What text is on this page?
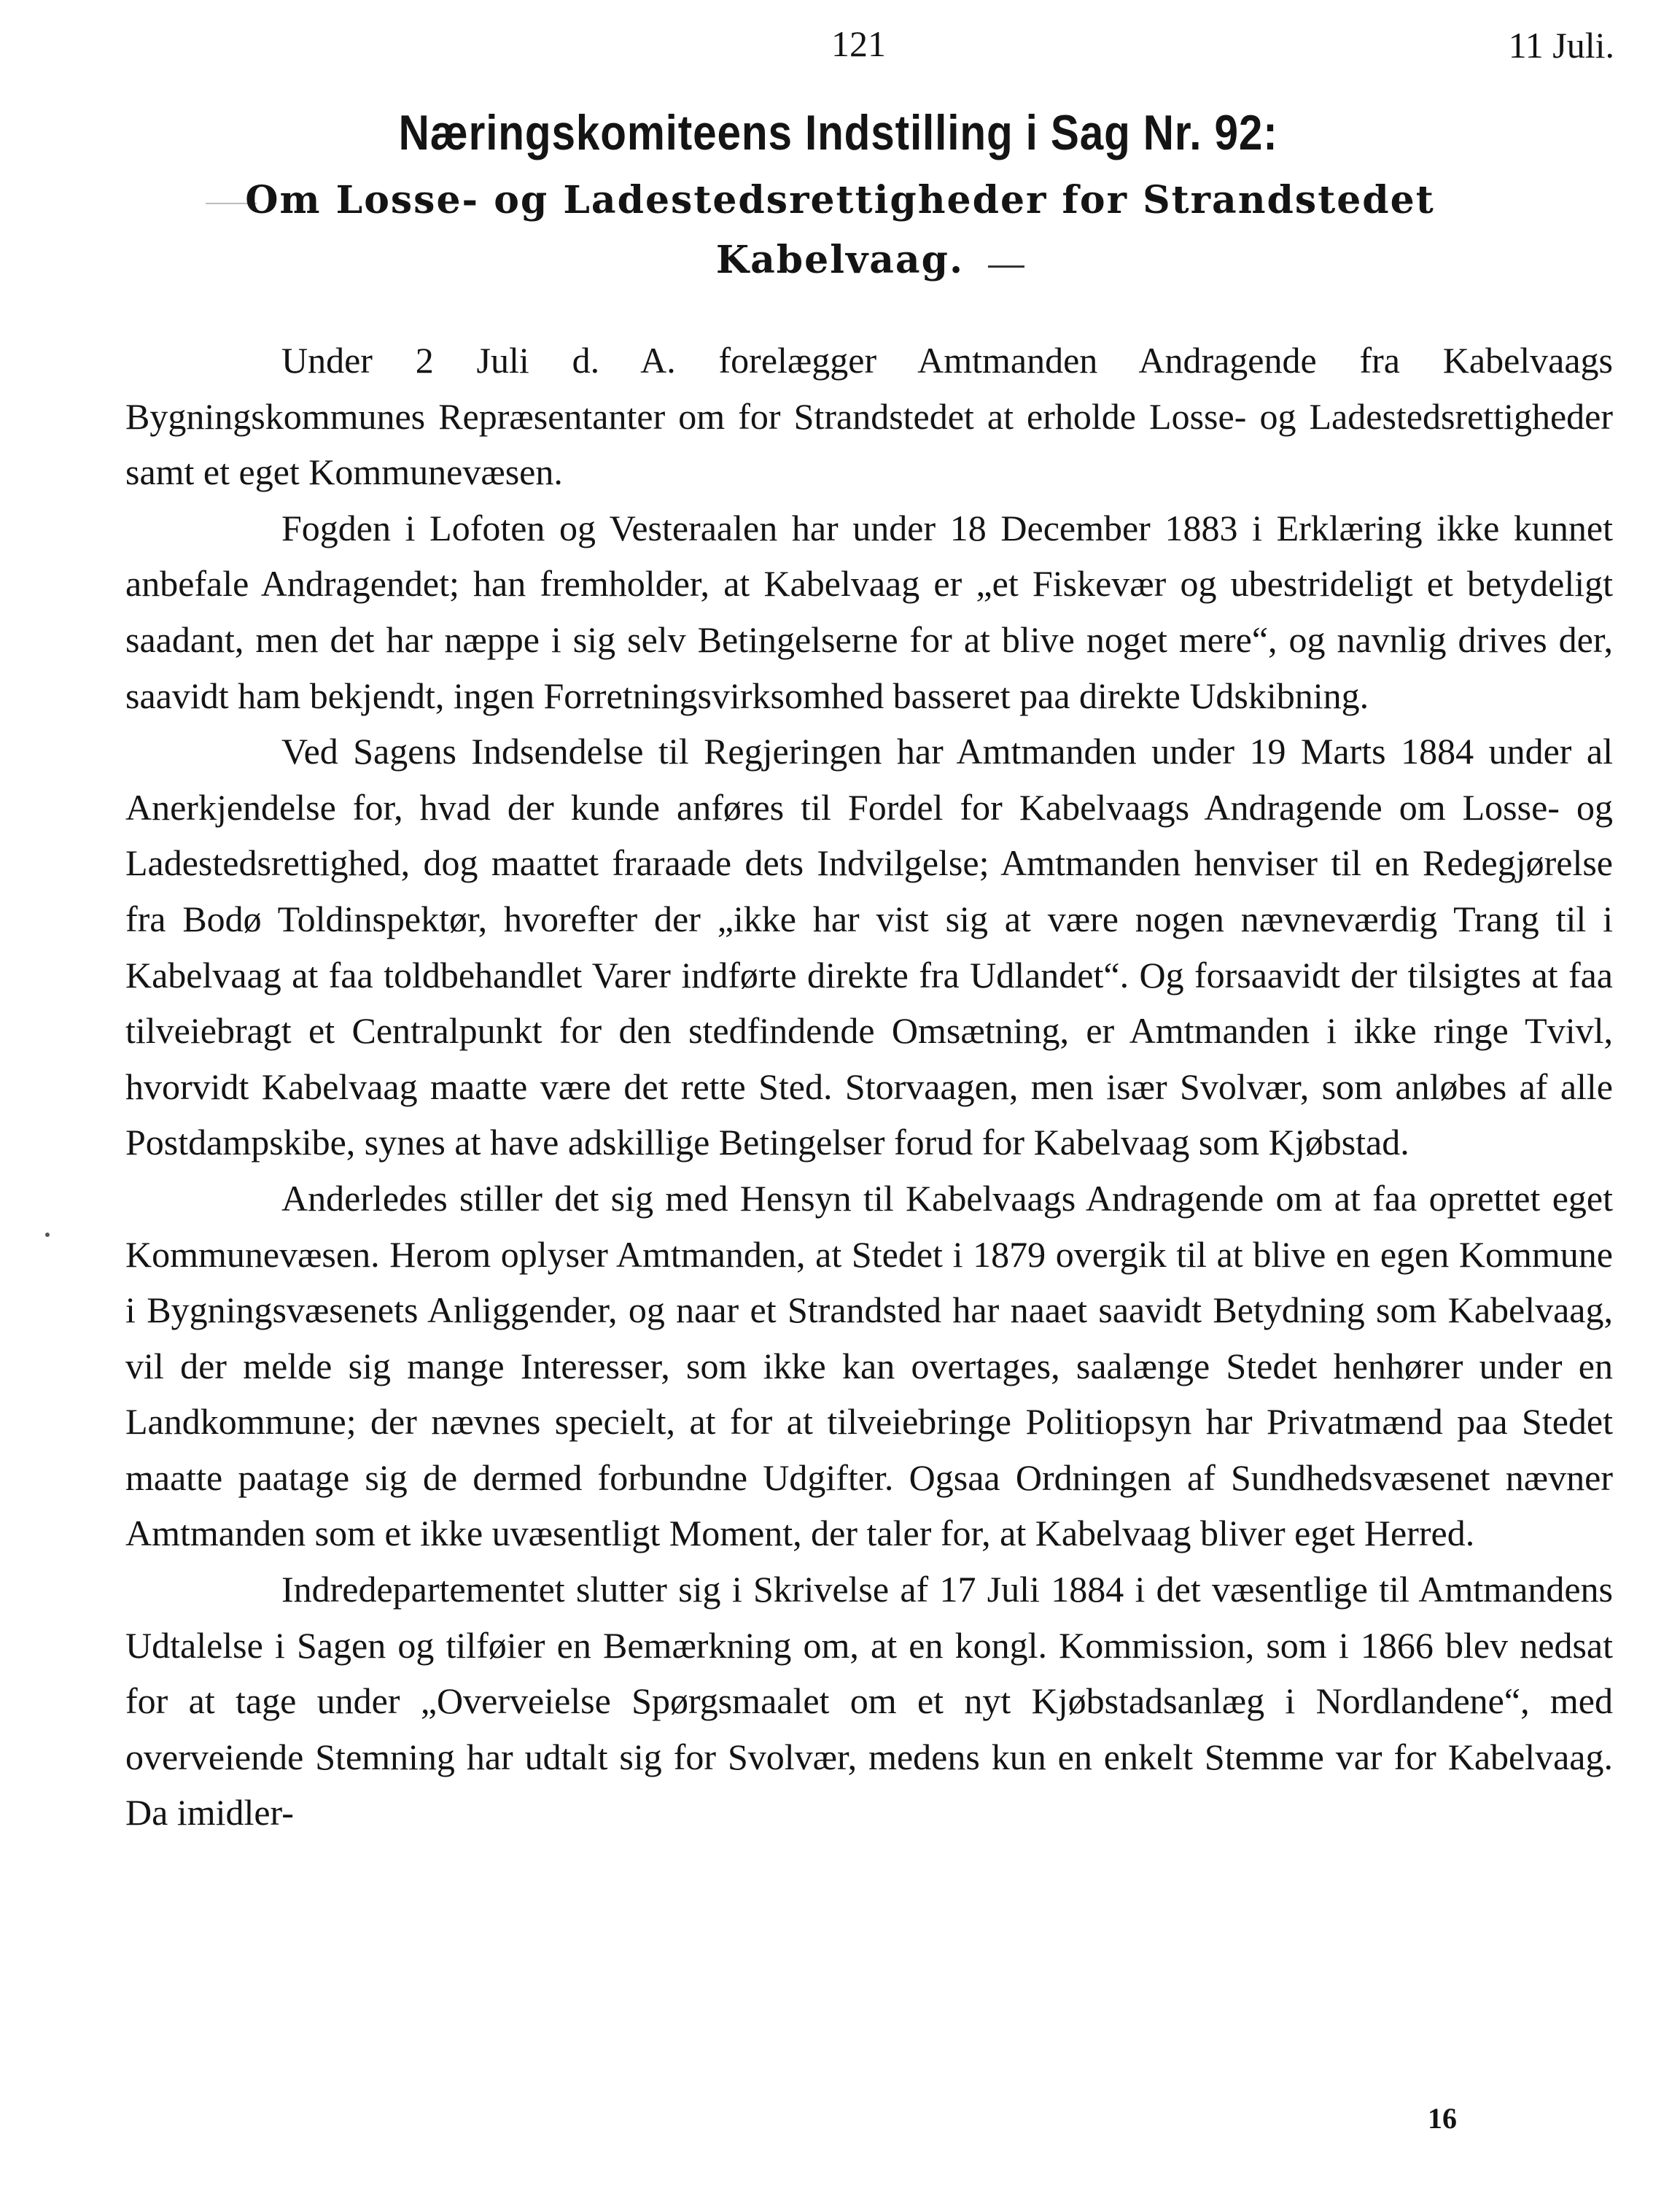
121	11 Juli.
Næringskomiteens Indstilling i Sag Nr. 92:
Om Losse- og Ladestedsrettigheder for Strandstedet
Kabelvaag.

Under 2 Juli d. A. forelægger Amtmanden Andragende fra Kabelvaags Bygningskommunes Repræsentanter om for Strandstedet at erholde Losse- og Ladestedsrettigheder samt et eget Kommunevæsen.

Fogden i Lofoten og Vesteraalen har under 18 December 1883 i Erklæring ikke kunnet anbefale Andragendet; han fremholder, at Kabelvaag er „et Fiskevær og ubestrideligt et betydeligt saadant, men det har næppe i sig selv Betingelserne for at blive noget mere“, og navnlig drives der, saavidt ham bekjendt, ingen Forretningsvirksomhed basseret paa direkte Udskibning.

Ved Sagens Indsendelse til Regjeringen har Amtmanden under 19 Marts 1884 under al Anerkjendelse for, hvad der kunde anføres til Fordel for Kabelvaags Andragende om Losse- og Ladestedsrettighed, dog maattet fraraade dets Indvilgelse; Amtmanden henviser til en Redegjørelse fra Bodø Toldinspektør, hvorefter der „ikke har vist sig at være nogen nævneværdig Trang til i Kabelvaag at faa toldbehandlet Varer indførte direkte fra Udlandet“. Og forsaavidt der tilsigtes at faa tilveiebragt et Centralpunkt for den stedfindende Omsætning, er Amtmanden i ikke ringe Tvivl, hvorvidt Kabelvaag maatte være det rette Sted. Storvaagen, men især Svolvær, som anløbes af alle Postdampskibe, synes at have adskillige Betingelser forud for Kabelvaag som Kjøbstad.

Anderledes stiller det sig med Hensyn til Kabelvaags Andragende om at faa oprettet eget Kommunevæsen. Herom oplyser Amtmanden, at Stedet i 1879 overgik til at blive en egen Kommune i Bygningsvæsenets Anliggender, og naar et Strandsted har naaet saavidt Betydning som Kabelvaag, vil der melde sig mange Interesser, som ikke kan overtages, saalænge Stedet henhører under en Landkommune; der nævnes specielt, at for at tilveiebringe Politiopsyn har Privatmænd paa Stedet maatte paatage sig de dermed forbundne Udgifter. Ogsaa Ordningen af Sundhedsvæsenet nævner Amtmanden som et ikke uvæsentligt Moment, der taler for, at Kabelvaag bliver eget Herred.

Indredepartementet slutter sig i Skrivelse af 17 Juli 1884 i det væsentlige til Amtmandens Udtalelse i Sagen og tilføier en Bemærkning om, at en kongl. Kommission, som i 1866 blev nedsat for at tage under „Overveielse Spørgsmaalet om et nyt Kjøbstadsanlæg i Nordlandene“, med overveiende Stemning har udtalt sig for Svolvær, medens kun en enkelt Stemme var for Kabelvaag. Da imidler-

16
